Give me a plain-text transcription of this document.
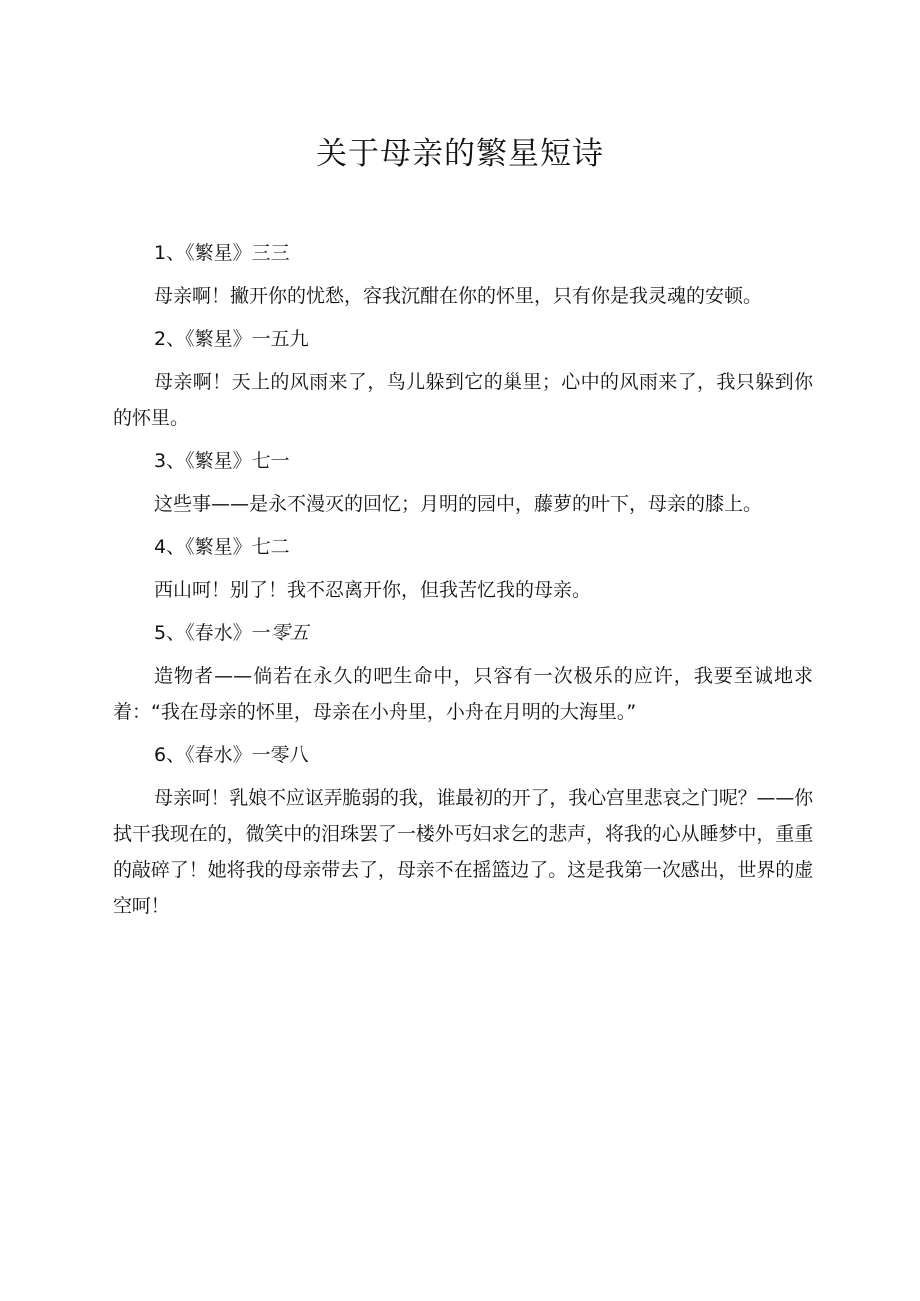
关于母亲的繁星短诗

1、《繁星》三三

母亲啊！撇开你的忧愁，容我沉酣在你的怀里，只有你是我灵魂的安顿。

2、《繁星》一五九

母亲啊！天上的风雨来了，鸟儿躲到它的巢里；心中的风雨来了，我只躲到你的怀里。

3、《繁星》七一

这些事——是永不漫灭的回忆；月明的园中，藤萝的叶下，母亲的膝上。

4、《繁星》七二

西山呵！别了！我不忍离开你，但我苦忆我的母亲。

5、《春水》一零五

造物者——倘若在永久的吧生命中，只容有一次极乐的应许，我要至诚地求着：“我在母亲的怀里，母亲在小舟里，小舟在月明的大海里。”

6、《春水》一零八

母亲呵！乳娘不应讴弄脆弱的我，谁最初的开了，我心宫里悲哀之门呢？——你拭干我现在的，微笑中的泪珠罢了一楼外丐妇求乞的悲声，将我的心从睡梦中，重重的敲碎了！她将我的母亲带去了，母亲不在摇篮边了。这是我第一次感出，世界的虚空呵！
